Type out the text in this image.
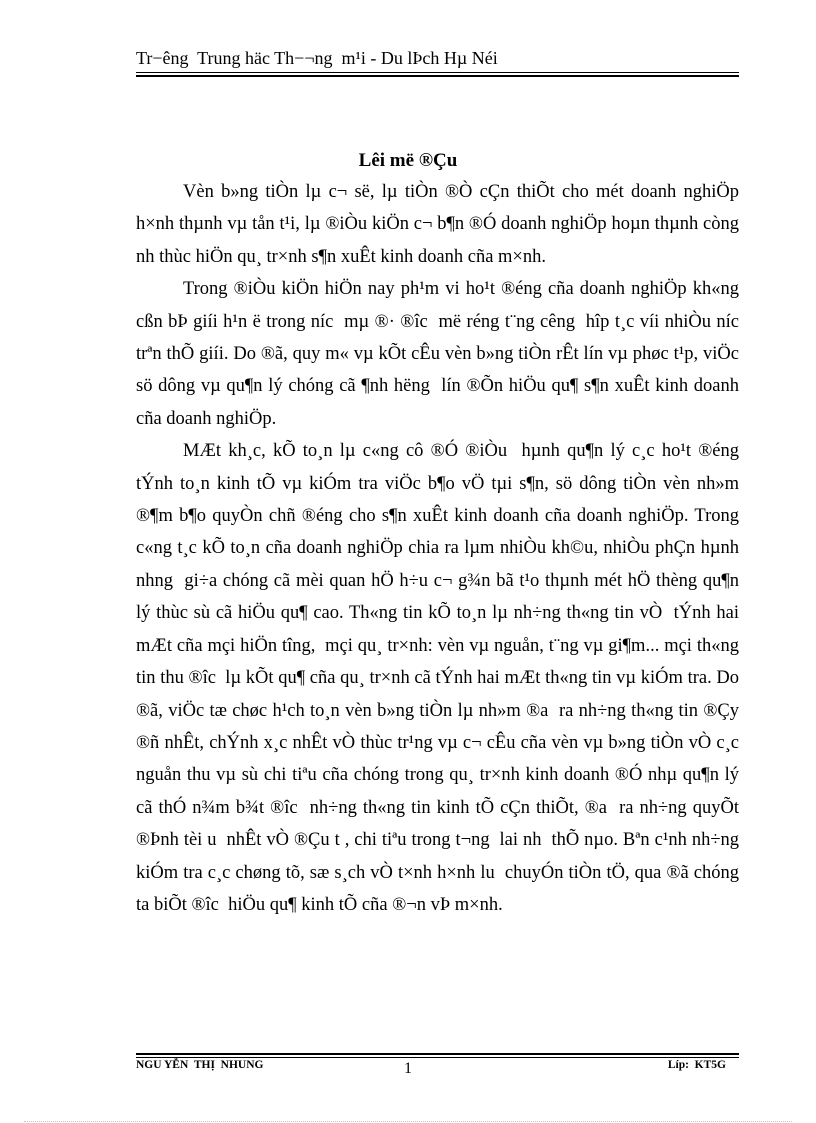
Tr−êng  Trung häc Th−¬ng  m¹i - Du lÞch Hµ Néi
Lêi më ®Çu

Vèn b»ng tiÒn lµ c¬ së, lµ tiÒn ®Ò cÇn thiÕt cho mét doanh nghiÖp h×nh thµnh vµ tån t¹i, lµ ®iÒu kiÖn c¬ b¶n ®Ó doanh nghiÖp hoµn thµnh còng nh thùc hiÖn qu¸ tr×nh s¶n xuÊt kinh doanh cña m×nh.

Trong ®iÒu kiÖn hiÖn nay ph¹m vi ho¹t ®éng cña doanh nghiÖp kh«ng cßn bÞ giíi h¹n ë trong níc  mµ ®· ®îc  më réng t¨ng cêng  hîp t¸c víi nhiÒu níc  trªn thÕ giíi. Do ®ã, quy m« vµ kÕt cÊu vèn b»ng tiÒn rÊt lín vµ phøc t¹p, viÖc sö dông vµ qu¶n lý chóng cã ¶nh hëng  lín ®Õn hiÖu qu¶ s¶n xuÊt kinh doanh cña doanh nghiÖp.

MÆt kh¸c, kÕ to¸n lµ c«ng cô ®Ó ®iÒu  hµnh qu¶n lý c¸c ho¹t ®éng tÝnh to¸n kinh tÕ vµ kiÓm tra viÖc b¶o vÖ tµi s¶n, sö dông tiÒn vèn nh»m ®¶m b¶o quyÒn chñ ®éng cho s¶n xuÊt kinh doanh cña doanh nghiÖp. Trong c«ng t¸c kÕ to¸n cña doanh nghiÖp chia ra lµm nhiÒu kh©u, nhiÒu phÇn hµnh nhng  gi÷a chóng cã mèi quan hÖ h÷u c¬ g¾n bã t¹o thµnh mét hÖ thèng qu¶n lý thùc sù cã hiÖu qu¶ cao. Th«ng tin kÕ to¸n lµ nh÷ng th«ng tin vÒ  tÝnh hai mÆt cña mçi hiÖn tîng,  mçi qu¸ tr×nh: vèn vµ nguån, t¨ng vµ gi¶m... mçi th«ng tin thu ®îc  lµ kÕt qu¶ cña qu¸ tr×nh cã tÝnh hai mÆt th«ng tin vµ kiÓm tra. Do ®ã, viÖc tæ chøc h¹ch to¸n vèn b»ng tiÒn lµ nh»m ®a  ra nh÷ng th«ng tin ®Çy ®ñ nhÊt, chÝnh x¸c nhÊt vÒ thùc tr¹ng vµ c¬ cÊu cña vèn vµ b»ng tiÒn vÒ c¸c nguån thu vµ sù chi tiªu cña chóng trong qu¸ tr×nh kinh doanh ®Ó nhµ qu¶n lý cã thÓ n¾m b¾t ®îc  nh÷ng th«ng tin kinh tÕ cÇn thiÕt, ®a  ra nh÷ng quyÕt ®Þnh tèi u  nhÊt vÒ ®Çu t , chi tiªu trong t¬ng  lai nh  thÕ nµo. Bªn c¹nh nh÷ng kiÓm tra c¸c chøng tõ, sæ s¸ch vÒ t×nh h×nh lu  chuyÓn tiÒn tÖ, qua ®ã chóng ta biÕt ®îc  hiÖu qu¶ kinh tÕ cña ®¬n vÞ m×nh.

NGU YỄN  THỊ  NHUNG	1	Líp:  KT5G
